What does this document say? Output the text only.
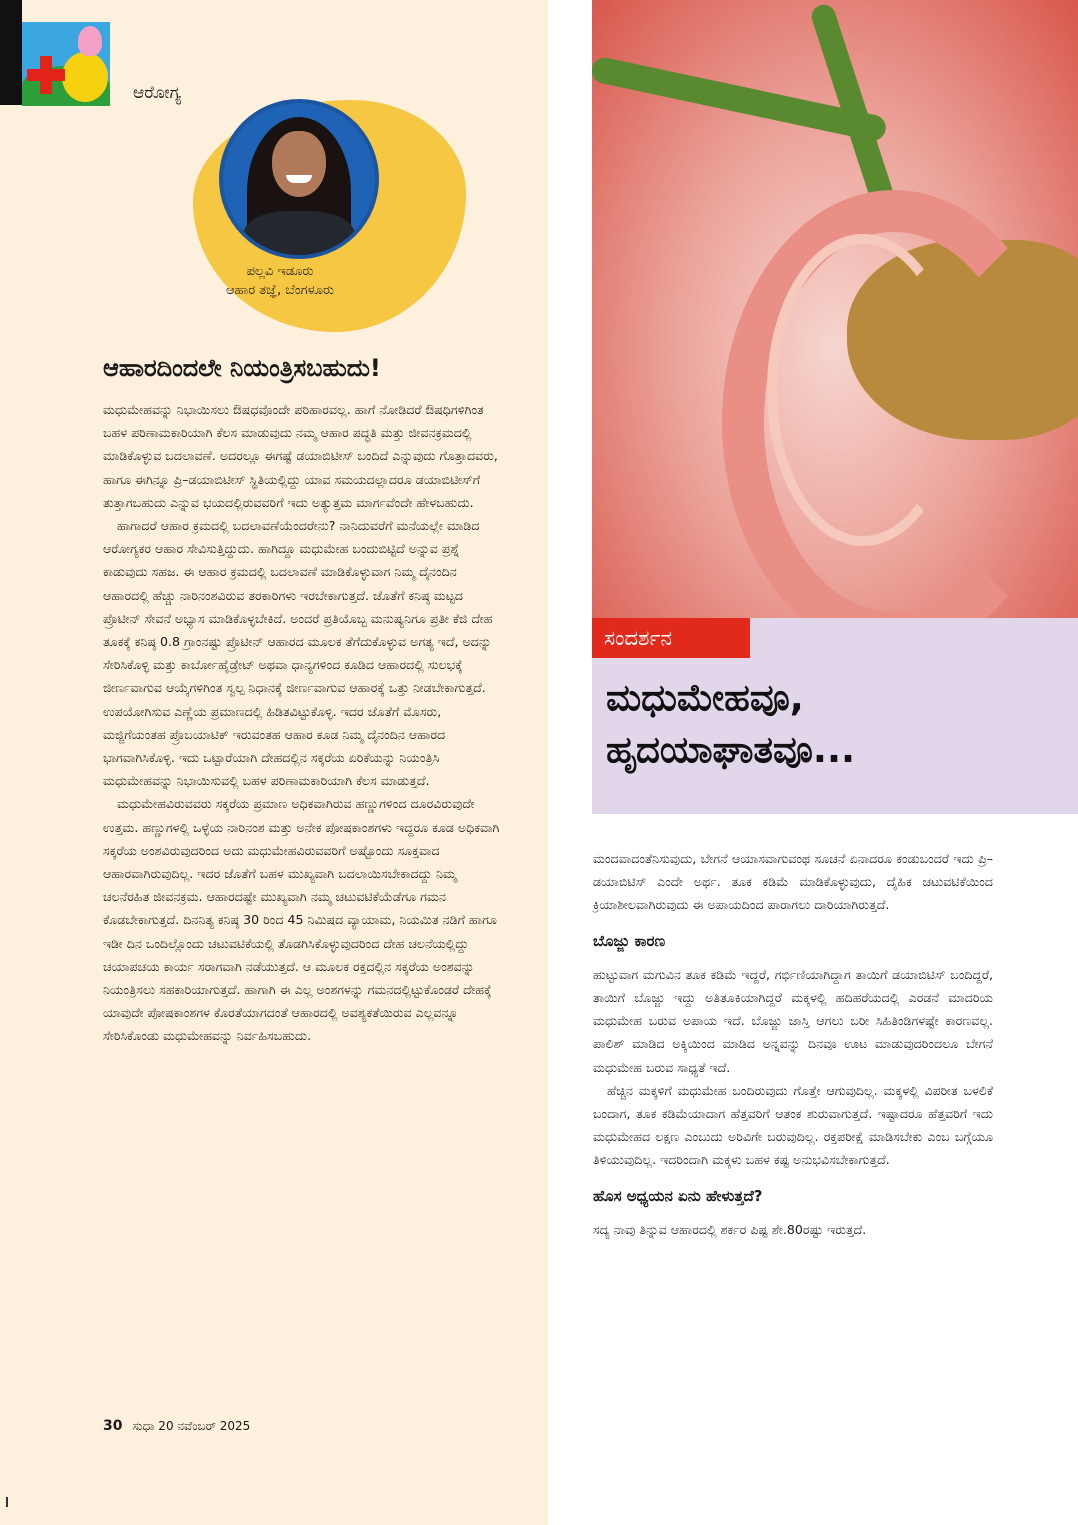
ಆರೋಗ್ಯ
ಪಲ್ಲವಿ ಇಡೂರು
ಆಹಾರ ತಜ್ಞೆ, ಬೆಂಗಳೂರು
ಆಹಾರದಿಂದಲೇ ನಿಯಂತ್ರಿಸಬಹುದು!

ಮಧುಮೇಹವನ್ನು ನಿಭಾಯಿಸಲು ಔಷಧವೊಂದೇ ಪರಿಹಾರವಲ್ಲ. ಹಾಗೆ ನೋಡಿದರೆ ಔಷಧಿಗಳಿಗಿಂತ ಬಹಳ ಪರಿಣಾಮಕಾರಿಯಾಗಿ ಕೆಲಸ ಮಾಡುವುದು ನಮ್ಮ ಆಹಾರ ಪದ್ಧತಿ ಮತ್ತು ಜೀವನಕ್ರಮದಲ್ಲಿ ಮಾಡಿಕೊಳ್ಳುವ ಬದಲಾವಣೆ. ಅದರಲ್ಲೂ ಈಗಷ್ಟೆ ಡಯಾಬಿಟೀಸ್ ಬಂದಿದೆ ಎನ್ನುವುದು ಗೊತ್ತಾದವರು, ಹಾಗೂ ಈಗಿನ್ನೂ ಪ್ರಿ–ಡಯಾಬಿಟೀಸ್ ಸ್ಥಿತಿಯಲ್ಲಿದ್ದು ಯಾವ ಸಮಯದಲ್ಲಾದರೂ ಡಯಾಬಿಟೀಸ್‌ಗೆ ತುತ್ತಾಗಬಹುದು ಎನ್ನುವ ಭಯದಲ್ಲಿರುವವರಿಗೆ ಇದು ಅತ್ಯುತ್ತಮ ಮಾರ್ಗವೆಂದೇ ಹೇಳಬಹುದು.

ಹಾಗಾದರೆ ಆಹಾರ ಕ್ರಮದಲ್ಲಿ ಬದಲಾವಣೆಯೆಂದರೇನು? ನಾನಿದುವರೆಗೆ ಮನೆಯಲ್ಲೇ ಮಾಡಿದ ಆರೋಗ್ಯಕರ ಆಹಾರ ಸೇವಿಸುತ್ತಿದ್ದುದು. ಹಾಗಿದ್ದೂ ಮಧುಮೇಹ ಬಂದುಬಿಟ್ಟಿದೆ ಅನ್ನುವ ಪ್ರಶ್ನೆ ಕಾಡುವುದು ಸಹಜ. ಈ ಆಹಾರ ಕ್ರಮದಲ್ಲಿ ಬದಲಾವಣೆ ಮಾಡಿಕೊಳ್ಳುವಾಗ ನಿಮ್ಮ ದೈನಂದಿನ ಆಹಾರದಲ್ಲಿ ಹೆಚ್ಚು ನಾರಿನಂಶವಿರುವ ತರಕಾರಿಗಳು ಇರಬೇಕಾಗುತ್ತದೆ. ಜೊತೆಗೆ ಕನಿಷ್ಠ ಮಟ್ಟದ ಪ್ರೊಟೀನ್ ಸೇವನೆ ಅಭ್ಯಾಸ ಮಾಡಿಕೊಳ್ಳಬೇಕಿದೆ. ಅಂದರೆ ಪ್ರತಿಯೊಬ್ಬ ಮನುಷ್ಯನಿಗೂ ಪ್ರತೀ ಕೆಜಿ ದೇಹ ತೂಕಕ್ಕೆ ಕನಿಷ್ಠ 0.8 ಗ್ರಾಂನಷ್ಟು ಪ್ರೊಟೀನ್ ಆಹಾರದ ಮೂಲಕ ತೆಗೆದುಕೊಳ್ಳುವ ಅಗತ್ಯ ಇದೆ, ಅದನ್ನು ಸೇರಿಸಿಕೊಳ್ಳಿ ಮತ್ತು ಕಾರ್ಬೋಹೈಡ್ರೇಟ್ ಅಥವಾ ಧಾನ್ಯಗಳಿಂದ ಕೂಡಿದ ಆಹಾರದಲ್ಲಿ ಸುಲಭಕ್ಕೆ ಜೀರ್ಣವಾಗುವ ಆಯ್ಕೆಗಳಿಗಿಂತ ಸ್ವಲ್ಪ ನಿಧಾನಕ್ಕೆ ಜೀರ್ಣವಾಗುವ ಆಹಾರಕ್ಕೆ ಒತ್ತು ನೀಡಬೇಕಾಗುತ್ತದೆ. ಉಪಯೋಗಿಸುವ ಎಣ್ಣೆಯ ಪ್ರಮಾಣದಲ್ಲಿ ಹಿಡಿತವಿಟ್ಟುಕೊಳ್ಳಿ. ಇದರ ಜೊತೆಗೆ ಮೊಸರು, ಮಜ್ಜಿಗೆಯಂತಹ ಪ್ರೊಬಯಾಟಿಕ್ ಇರುವಂತಹ ಆಹಾರ ಕೂಡ ನಿಮ್ಮ ದೈನಂದಿನ ಆಹಾರದ ಭಾಗವಾಗಿಸಿಕೊಳ್ಳಿ. ಇದು ಒಟ್ಟಾರೆಯಾಗಿ ದೇಹದಲ್ಲಿನ ಸಕ್ಕರೆಯ ಏರಿಕೆಯನ್ನು ನಿಯಂತ್ರಿಸಿ ಮಧುಮೇಹವನ್ನು ನಿಭಾಯಿಸುವಲ್ಲಿ ಬಹಳ ಪರಿಣಾಮಕಾರಿಯಾಗಿ ಕೆಲಸ ಮಾಡುತ್ತದೆ.

ಮಧುಮೇಹವಿರುವವರು ಸಕ್ಕರೆಯ ಪ್ರಮಾಣ ಅಧಿಕವಾಗಿರುವ ಹಣ್ಣುಗಳಿಂದ ದೂರವಿರುವುದೇ ಉತ್ತಮ. ಹಣ್ಣುಗಳಲ್ಲಿ ಒಳ್ಳೆಯ ನಾರಿನಂಶ ಮತ್ತು ಅನೇಕ ಪೋಷಕಾಂಶಗಳು ಇದ್ದರೂ ಕೂಡ ಅಧಿಕವಾಗಿ ಸಕ್ಕರೆಯ ಅಂಶವಿರುವುದರಿಂದ ಅದು ಮಧುಮೇಹವಿರುವವರಿಗೆ ಅಷ್ಟೊಂದು ಸೂಕ್ತವಾದ ಆಹಾರವಾಗಿರುವುದಿಲ್ಲ. ಇದರ ಜೊತೆಗೆ ಬಹಳ ಮುಖ್ಯವಾಗಿ ಬದಲಾಯಿಸಬೇಕಾದದ್ದು ನಿಮ್ಮ ಚಲನೆರಹಿತ ಜೀವನಕ್ರಮ. ಆಹಾರದಷ್ಟೇ ಮುಖ್ಯವಾಗಿ ನಮ್ಮ ಚಟುವಟಿಕೆಯೆಡೆಗೂ ಗಮನ ಕೊಡಬೇಕಾಗುತ್ತದೆ. ದಿನನಿತ್ಯ ಕನಿಷ್ಠ 30 ರಿಂದ 45 ನಿಮಿಷದ ವ್ಯಾಯಾಮ, ನಿಯಮಿತ ನಡಿಗೆ ಹಾಗೂ ಇಡೀ ದಿನ ಒಂದಿಲ್ಲೊಂದು ಚಟುವಟಿಕೆಯಲ್ಲಿ ತೊಡಗಿಸಿಕೊಳ್ಳುವುದರಿಂದ ದೇಹ ಚಲನೆಯಲ್ಲಿದ್ದು ಚಯಾಪಚಯ ಕಾರ್ಯ ಸರಾಗವಾಗಿ ನಡೆಯುತ್ತದೆ. ಆ ಮೂಲಕ ರಕ್ತದಲ್ಲಿನ ಸಕ್ಕರೆಯ ಅಂಶವನ್ನು ನಿಯಂತ್ರಿಸಲು ಸಹಕಾರಿಯಾಗುತ್ತದೆ. ಹಾಗಾಗಿ ಈ ಎಲ್ಲ ಅಂಶಗಳನ್ನು ಗಮನದಲ್ಲಿಟ್ಟುಕೊಂಡರೆ ದೇಹಕ್ಕೆ ಯಾವುದೇ ಪೋಷಕಾಂಶಗಳ ಕೊರತೆಯಾಗದಂತೆ ಆಹಾರದಲ್ಲಿ ಅವಶ್ಯಕತೆಯಿರುವ ಎಲ್ಲವನ್ನೂ ಸೇರಿಸಿಕೊಂಡು ಮಧುಮೇಹವನ್ನು ನಿರ್ವಹಿಸಬಹುದು.

30 ಸುಧಾ 20 ನವೆಂಬರ್ 2025
ಸಂದರ್ಶನ
ಮಧುಮೇಹವೂ,
ಹೃದಯಾಘಾತವೂ...

ಮಂದವಾದಂತೆನಿಸುವುದು, ಬೇಗನೆ ಆಯಾಸವಾಗುವಂಥ ಸೂಚನೆ ಏನಾದರೂ ಕಂಡುಬಂದರೆ ಇದು ಪ್ರಿ–ಡಯಾಬಿಟಿಸ್ ಎಂದೇ ಅರ್ಥ. ತೂಕ ಕಡಿಮೆ ಮಾಡಿಕೊಳ್ಳುವುದು, ದೈಹಿಕ ಚಟುವಟಿಕೆಯಿಂದ ಕ್ರಿಯಾಶೀಲವಾಗಿರುವುದು ಈ ಅಪಾಯದಿಂದ ಪಾರಾಗಲು ದಾರಿಯಾಗಿರುತ್ತದೆ.

ಬೊಜ್ಜು ಕಾರಣ

ಹುಟ್ಟುವಾಗ ಮಗುವಿನ ತೂಕ ಕಡಿಮೆ ಇದ್ದರೆ, ಗರ್ಭಿಣಿಯಾಗಿದ್ದಾಗ ತಾಯಿಗೆ ಡಯಾಬಿಟಿಸ್ ಬಂದಿದ್ದರೆ, ತಾಯಿಗೆ ಬೊಜ್ಜು ಇದ್ದು ಅತಿತೂಕಿಯಾಗಿದ್ದರೆ ಮಕ್ಕಳಲ್ಲಿ ಹದಿಹರೆಯದಲ್ಲಿ ಎರಡನೆ ಮಾದರಿಯ ಮಧುಮೇಹ ಬರುವ ಅಪಾಯ ಇದೆ. ಬೊಜ್ಜು ಜಾಸ್ತಿ ಆಗಲು ಬರೀ ಸಿಹಿತಿಂಡಿಗಳಷ್ಟೇ ಕಾರಣವಲ್ಲ. ಪಾಲಿಶ್ ಮಾಡಿದ ಅಕ್ಕಿಯಿಂದ ಮಾಡಿದ ಅನ್ನವನ್ನು ದಿನವೂ ಊಟ ಮಾಡುವುದರಿಂದಲೂ ಬೇಗನೆ ಮಧುಮೇಹ ಬರುವ ಸಾಧ್ಯತೆ ಇದೆ.

ಹೆಚ್ಚಿನ ಮಕ್ಕಳಿಗೆ ಮಧುಮೇಹ ಬಂದಿರುವುದು ಗೊತ್ತೇ ಆಗುವುದಿಲ್ಲ. ಮಕ್ಕಳಲ್ಲಿ ವಿಪರೀತ ಬಳಲಿಕೆ ಬಂದಾಗ, ತೂಕ ಕಡಿಮೆಯಾದಾಗ ಹೆತ್ತವರಿಗೆ ಆತಂಕ ಶುರುವಾಗುತ್ತದೆ. ಇಷ್ಟಾದರೂ ಹೆತ್ತವರಿಗೆ ಇದು ಮಧುಮೇಹದ ಲಕ್ಷಣ ಎಂಬುದು ಅರಿವಿಗೇ ಬರುವುದಿಲ್ಲ. ರಕ್ತಪರೀಕ್ಷೆ ಮಾಡಿಸಬೇಕು ಎಂಬ ಬಗ್ಗೆಯೂ ತಿಳಿಯುವುದಿಲ್ಲ. ಇದರಿಂದಾಗಿ ಮಕ್ಕಳು ಬಹಳ ಕಷ್ಟ ಅನುಭವಿಸಬೇಕಾಗುತ್ತದೆ.

ಹೊಸ ಅಧ್ಯಯನ ಏನು ಹೇಳುತ್ತದೆ?

ಸದ್ಯ ನಾವು ತಿನ್ನುವ ಆಹಾರದಲ್ಲಿ ಶರ್ಕರ ಪಿಷ್ಟ ಶೇ.80ರಷ್ಟು ಇರುತ್ತದೆ.
